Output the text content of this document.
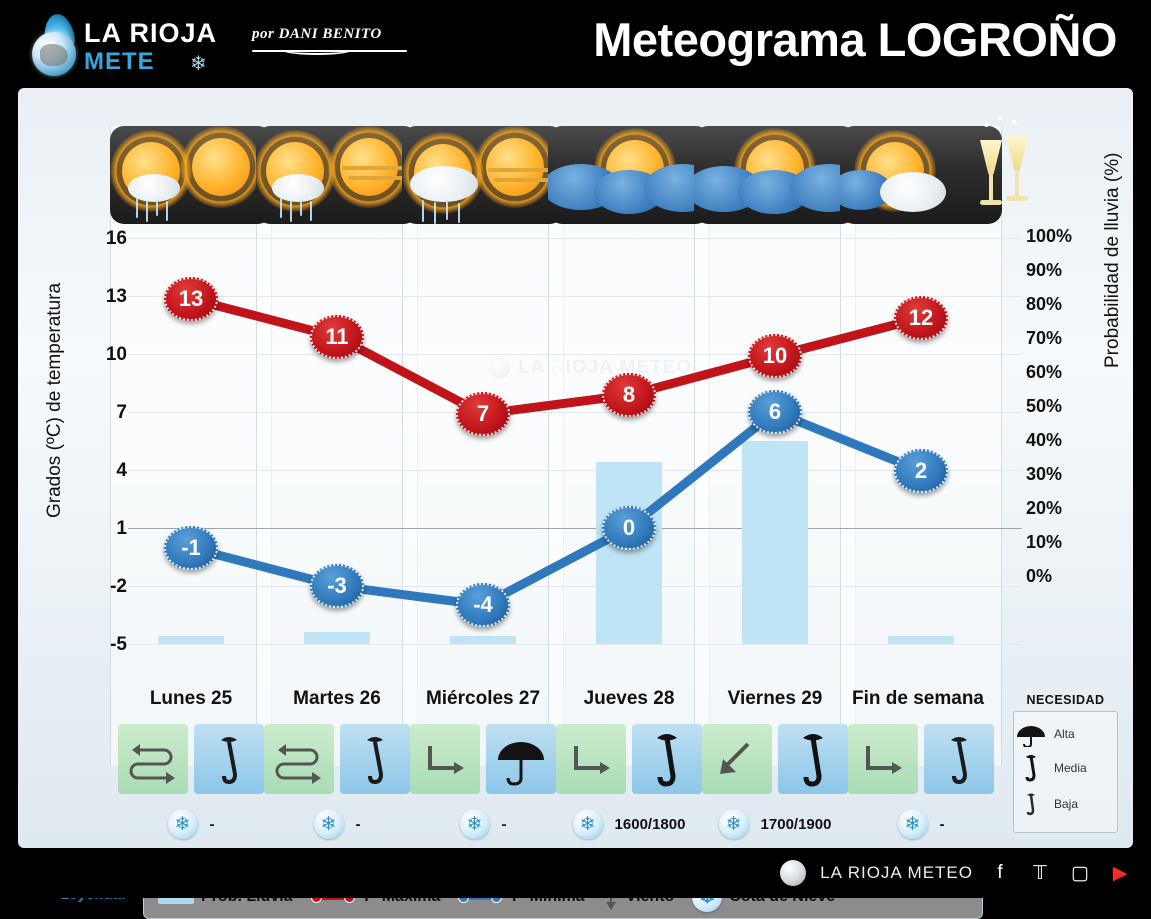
LA RIOJA
METE ❄
por DANI BENITO	Meteograma LOGROÑO
13
11
7
8
10
12
-1
-3
-4
0
6
2
16
13
10
7
4
1
-2
-5
Grados (ºC) de temperatura
100%
90%
80%
70%
60%
50%
40%
30%
20%
10%
0%
Probabilidad de lluvia (%)
Lunes 25	Martes 26	Miércoles 27	Jueves 28	Viernes 29	Fin de semana
❄	-	❄	-	❄	-	❄	1600/1800	❄	1700/1900	❄	-
NECESIDAD
Alta
Media
Baja
LA RIOJA METEO	f	𝕋	▢ ▶
